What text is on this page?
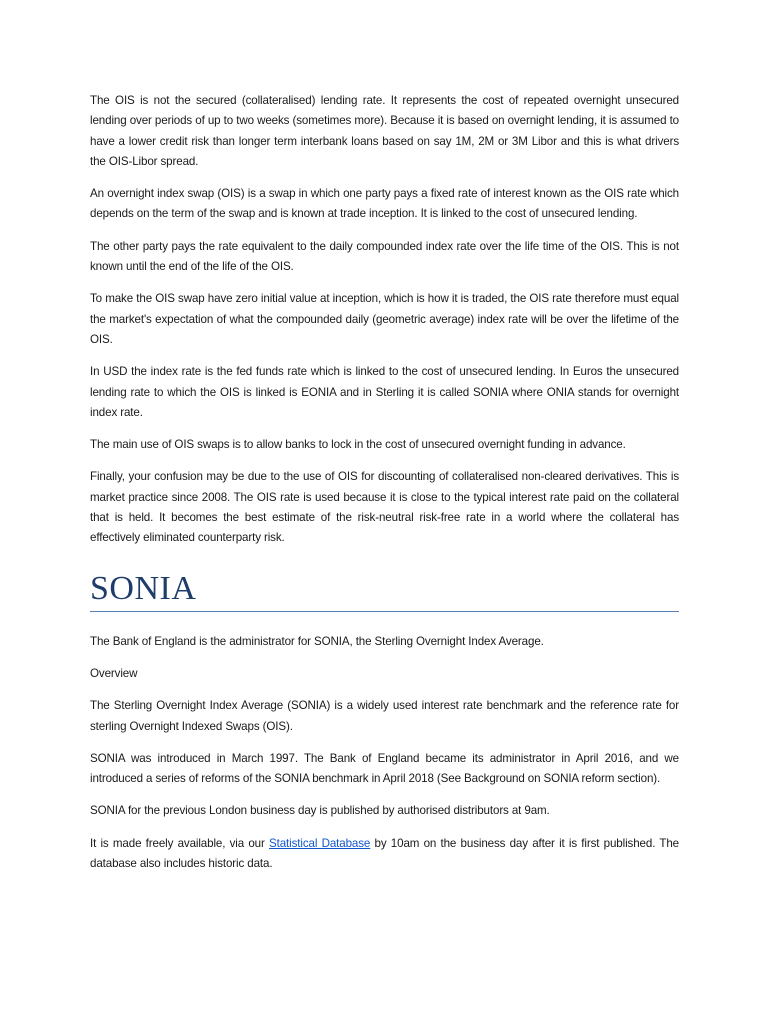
The OIS is not the secured (collateralised) lending rate. It represents the cost of repeated overnight unsecured lending over periods of up to two weeks (sometimes more). Because it is based on overnight lending, it is assumed to have a lower credit risk than longer term interbank loans based on say 1M, 2M or 3M Libor and this is what drivers the OIS-Libor spread.

An overnight index swap (OIS) is a swap in which one party pays a fixed rate of interest known as the OIS rate which depends on the term of the swap and is known at trade inception. It is linked to the cost of unsecured lending.

The other party pays the rate equivalent to the daily compounded index rate over the life time of the OIS. This is not known until the end of the life of the OIS.

To make the OIS swap have zero initial value at inception, which is how it is traded, the OIS rate therefore must equal the market's expectation of what the compounded daily (geometric average) index rate will be over the lifetime of the OIS.

In USD the index rate is the fed funds rate which is linked to the cost of unsecured lending. In Euros the unsecured lending rate to which the OIS is linked is EONIA and in Sterling it is called SONIA where ONIA stands for overnight index rate.

The main use of OIS swaps is to allow banks to lock in the cost of unsecured overnight funding in advance.

Finally, your confusion may be due to the use of OIS for discounting of collateralised non-cleared derivatives. This is market practice since 2008. The OIS rate is used because it is close to the typical interest rate paid on the collateral that is held. It becomes the best estimate of the risk-neutral risk-free rate in a world where the collateral has effectively eliminated counterparty risk.

SONIA

The Bank of England is the administrator for SONIA, the Sterling Overnight Index Average.

Overview

The Sterling Overnight Index Average (SONIA) is a widely used interest rate benchmark and the reference rate for sterling Overnight Indexed Swaps (OIS).

SONIA was introduced in March 1997. The Bank of England became its administrator in April 2016, and we introduced a series of reforms of the SONIA benchmark in April 2018 (See Background on SONIA reform section).

SONIA for the previous London business day is published by authorised distributors at 9am.

It is made freely available, via our Statistical Database by 10am on the business day after it is first published. The database also includes historic data.
